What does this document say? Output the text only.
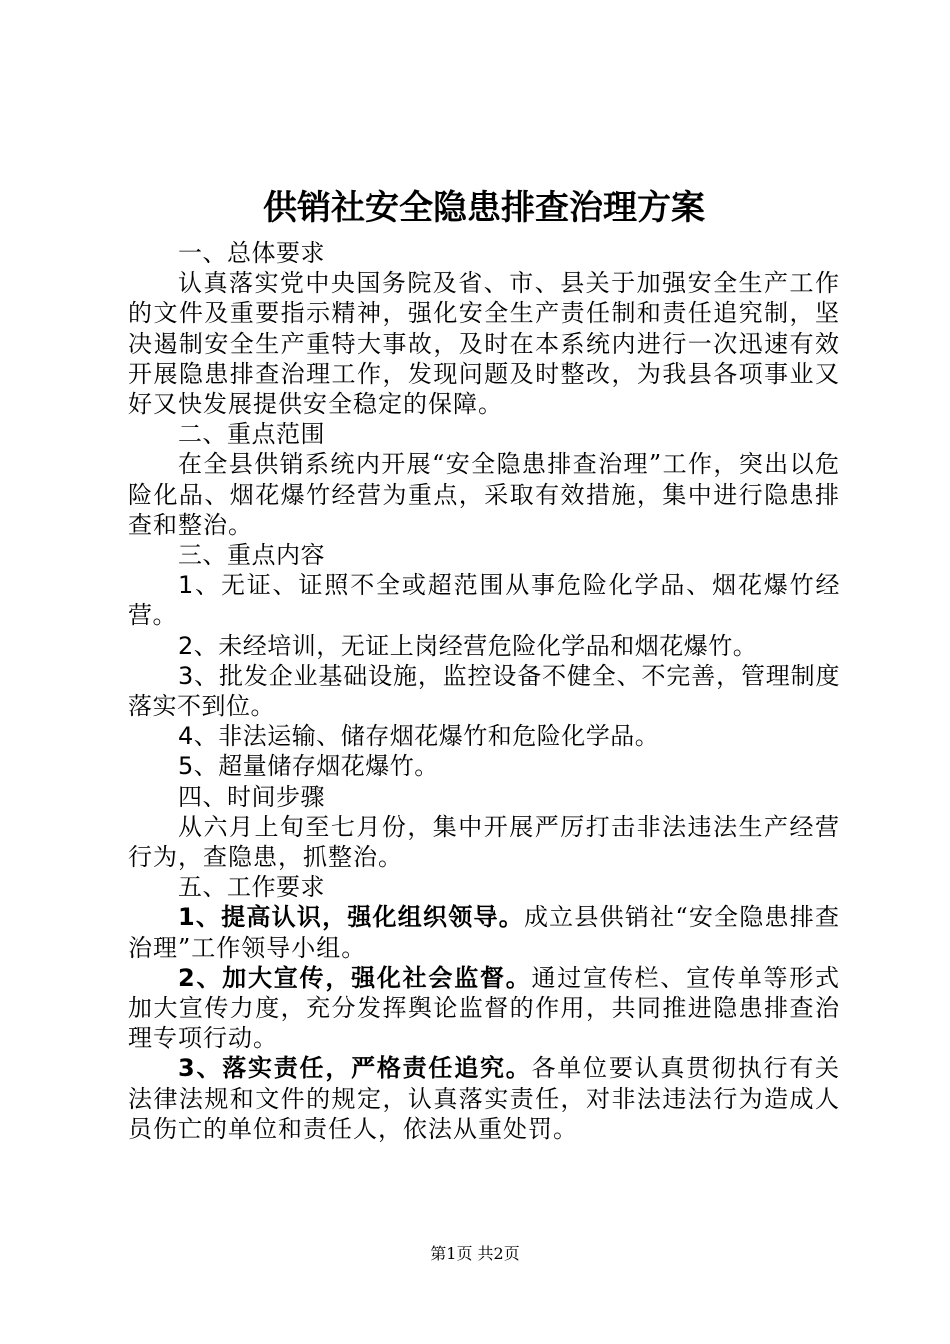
供销社安全隐患排查治理方案

一、总体要求

认真落实党中央国务院及省、市、县关于加强安全生产工作的文件及重要指示精神，强化安全生产责任制和责任追究制，坚决遏制安全生产重特大事故，及时在本系统内进行一次迅速有效开展隐患排查治理工作，发现问题及时整改，为我县各项事业又好又快发展提供安全稳定的保障。

二、重点范围

在全县供销系统内开展“安全隐患排查治理”工作，突出以危险化品、烟花爆竹经营为重点，采取有效措施，集中进行隐患排查和整治。

三、重点内容

1、无证、证照不全或超范围从事危险化学品、烟花爆竹经营。

2、未经培训，无证上岗经营危险化学品和烟花爆竹。

3、批发企业基础设施，监控设备不健全、不完善，管理制度落实不到位。

4、非法运输、储存烟花爆竹和危险化学品。

5、超量储存烟花爆竹。

四、时间步骤

从六月上旬至七月份，集中开展严厉打击非法违法生产经营行为，查隐患，抓整治。

五、工作要求

1、提高认识，强化组织领导。成立县供销社“安全隐患排查治理”工作领导小组。

2、加大宣传，强化社会监督。通过宣传栏、宣传单等形式加大宣传力度，充分发挥舆论监督的作用，共同推进隐患排查治理专项行动。

3、落实责任，严格责任追究。各单位要认真贯彻执行有关法律法规和文件的规定，认真落实责任，对非法违法行为造成人员伤亡的单位和责任人，依法从重处罚。

第1页 共2页
